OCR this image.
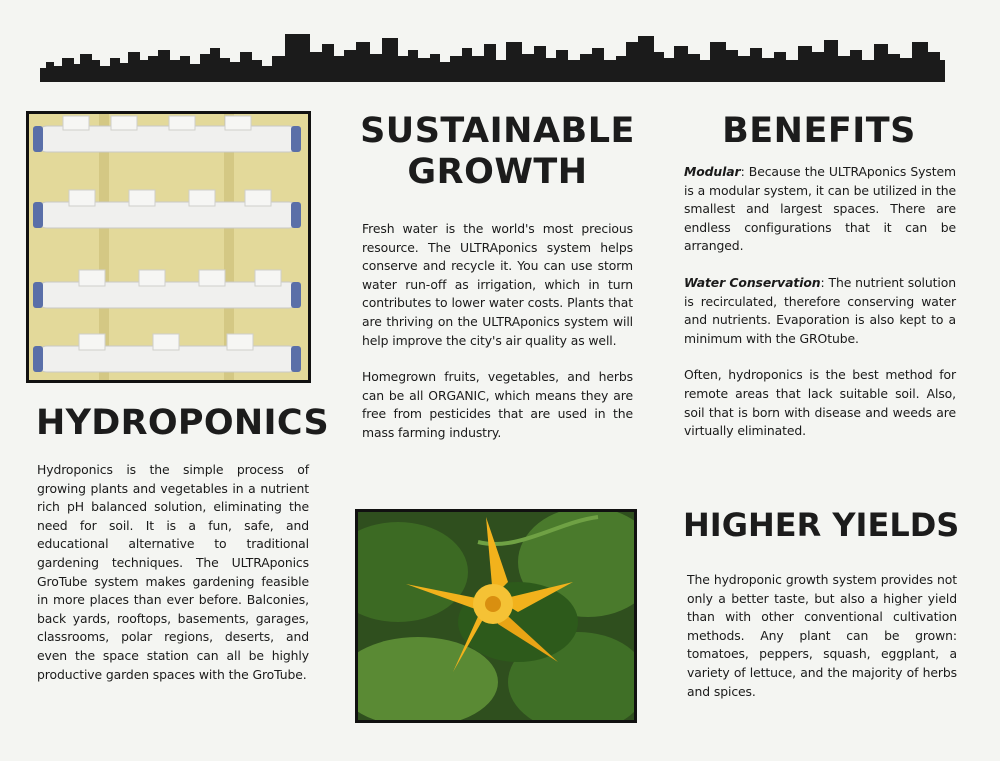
HYDROPONICS
Hydroponics is the simple process of growing plants and vegetables in a nutrient rich pH balanced solution, eliminating the need for soil. It is a fun, safe, and educational alternative to traditional gardening techniques. The ULTRAponics GroTube system makes gardening feasible in more places than ever before. Balconies, back yards, rooftops, basements, garages, classrooms, polar regions, deserts, and even the space station can all be highly productive garden spaces with the GroTube.
SUSTAINABLE
GROWTH

Fresh water is the world's most precious resource. The ULTRAponics system helps conserve and recycle it. You can use storm water run-off as irrigation, which in turn contributes to lower water costs. Plants that are thriving on the ULTRAponics system will help improve the city's air quality as well.

Homegrown fruits, vegetables, and herbs can be all ORGANIC, which means they are free from pesticides that are used in the mass farming industry.

BENEFITS

Modular: Because the ULTRAponics System is a modular system, it can be utilized in the smallest and largest spaces. There are endless configurations that it can be arranged.

Water Conservation: The nutrient solution is recirculated, therefore conserving water and nutrients. Evaporation is also kept to a minimum with the GROtube.

Often, hydroponics is the best method for remote areas that lack suitable soil. Also, soil that is born with disease and weeds are virtually eliminated.

HIGHER YIELDS
The hydroponic growth system provides not only a better taste, but also a higher yield than with other conventional cultivation methods. Any plant can be grown: tomatoes, peppers, squash, eggplant, a variety of lettuce, and the majority of herbs and spices.
